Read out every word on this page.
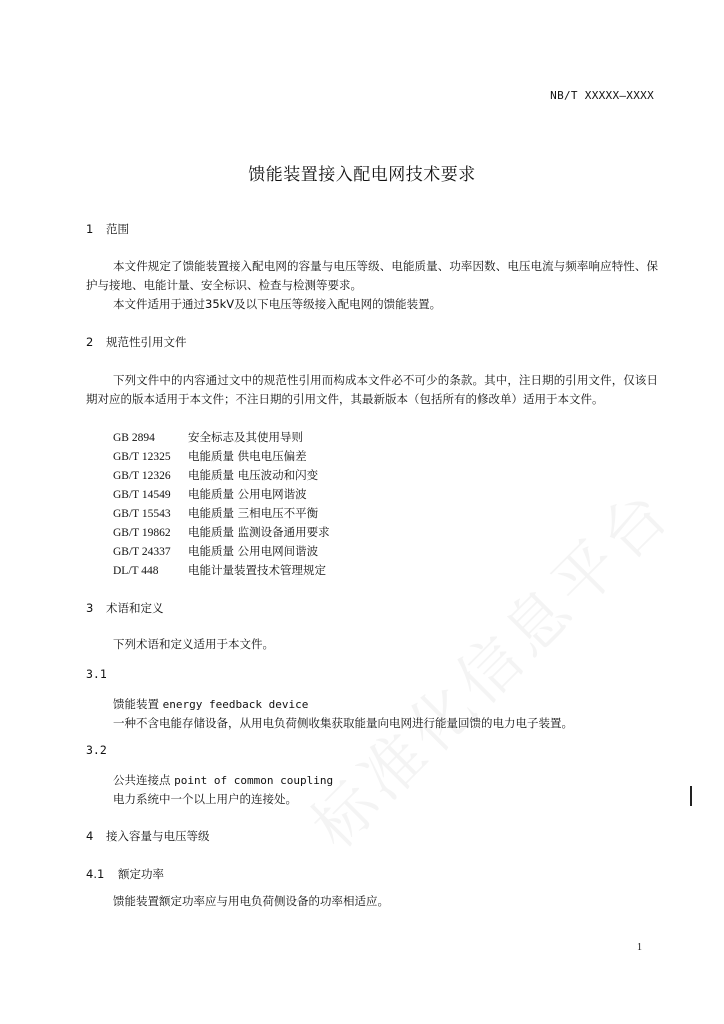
NB/T XXXXX—XXXX
馈能装置接入配电网技术要求
1 范围

本文件规定了馈能装置接入配电网的容量与电压等级、电能质量、功率因数、电压电流与频率响应特性、保护与接地、电能计量、安全标识、检查与检测等要求。

本文件适用于通过35kV及以下电压等级接入配电网的馈能装置。

2 规范性引用文件

下列文件中的内容通过文中的规范性引用而构成本文件必不可少的条款。其中，注日期的引用文件，仅该日期对应的版本适用于本文件；不注日期的引用文件，其最新版本（包括所有的修改单）适用于本文件。

GB 2894	安全标志及其使用导则
GB/T 12325 电能质量 供电电压偏差
GB/T 12326 电能质量 电压波动和闪变
GB/T 14549 电能质量 公用电网谐波
GB/T 15543 电能质量 三相电压不平衡
GB/T 19862 电能质量 监测设备通用要求
GB/T 24337 电能质量 公用电网间谐波
DL/T 448	电能计量装置技术管理规定
3 术语和定义
下列术语和定义适用于本文件。
3.1
馈能装置 energy feedback device
一种不含电能存储设备，从用电负荷侧收集获取能量向电网进行能量回馈的电力电子装置。
3.2
公共连接点 point of common coupling
电力系统中一个以上用户的连接处。
4 接入容量与电压等级
4.1 额定功率
馈能装置额定功率应与用电负荷侧设备的功率相适应。
1
